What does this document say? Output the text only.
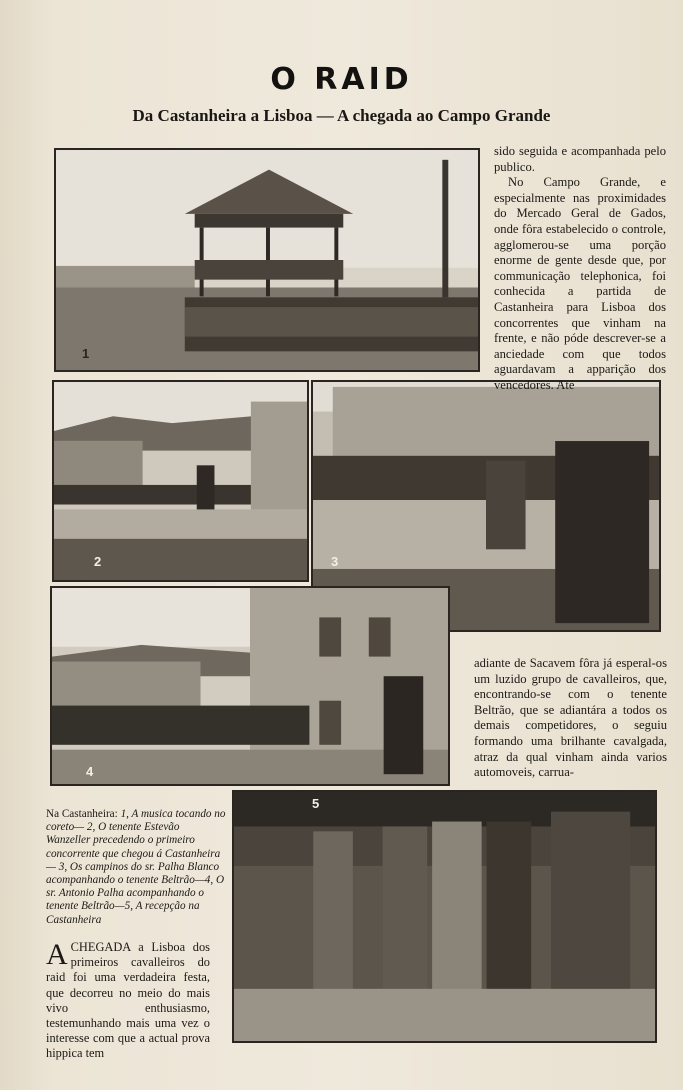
O RAID
Da Castanheira a Lisboa — A chegada ao Campo Grande
1
2	3
4
5

sido seguida e acompanhada pelo publico.

No Campo Grande, e especialmente nas proximidades do Mercado Geral de Gados, onde fôra estabelecido o controle, agglomerou-se uma porção enorme de gente desde que, por communicação telephonica, foi conhecida a partida de Castanheira para Lisboa dos concorrentes que vinham na frente, e não póde descrever-se a anciedade com que todos aguardavam a apparição dos vencedores. Até

adiante de Sacavem fôra já esperal-os um luzido grupo de cavalleiros, que, encontrando-se com o tenente Beltrão, que se adiantára a todos os demais competidores, o seguiu formando uma brilhante cavalgada, atraz da qual vinham ainda varios automoveis, carrua-

Na Castanheira: 1, A musica tocando no coreto— 2, O tenente Estevão Wanzeller precedendo o primeiro concorrente que chegou á Castanheira— 3, Os campinos do sr. Palha Blanco acompanhando o tenente Beltrão—4, O sr. Antonio Palha acompanhando o tenente Beltrão—5, A recepção na Castanheira
ACHEGADA a Lisboa dos primeiros cavalleiros do raid foi uma verdadeira festa, que decorreu no meio do mais vivo enthusiasmo, testemunhando mais uma vez o interesse com que a actual prova hippica tem
